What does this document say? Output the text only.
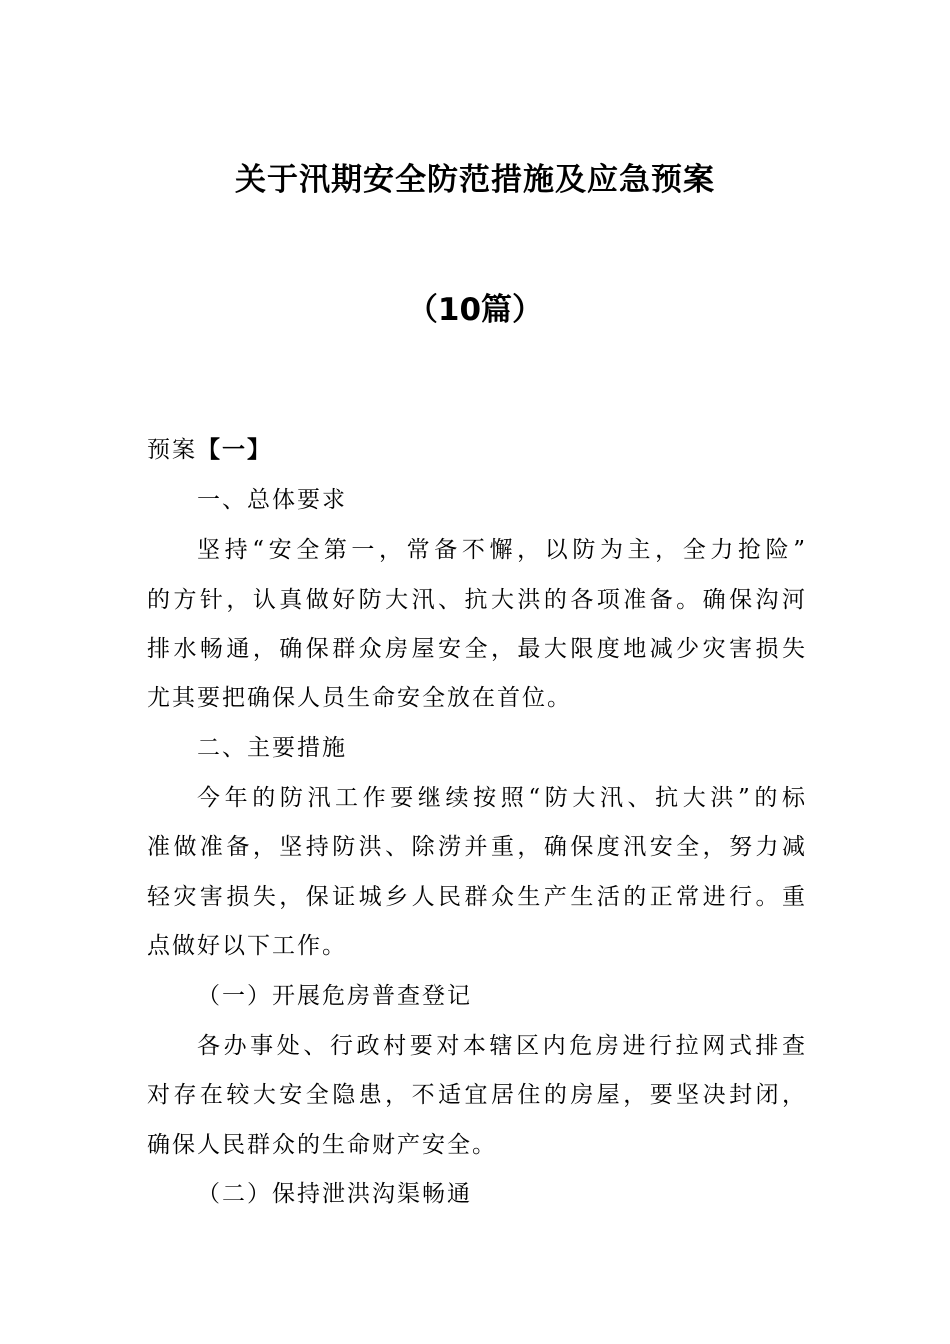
关于汛期安全防范措施及应急预案
（10篇）
预案【一】
一、总体要求
坚持“安全第一，常备不懈，以防为主，全力抢险”
的方针，认真做好防大汛、抗大洪的各项准备。确保沟河
排水畅通，确保群众房屋安全，最大限度地减少灾害损失
尤其要把确保人员生命安全放在首位。
二、主要措施
今年的防汛工作要继续按照“防大汛、抗大洪”的标
准做准备，坚持防洪、除涝并重，确保度汛安全，努力减
轻灾害损失，保证城乡人民群众生产生活的正常进行。重
点做好以下工作。
（一）开展危房普查登记
各办事处、行政村要对本辖区内危房进行拉网式排查
对存在较大安全隐患，不适宜居住的房屋，要坚决封闭，
确保人民群众的生命财产安全。
（二）保持泄洪沟渠畅通
